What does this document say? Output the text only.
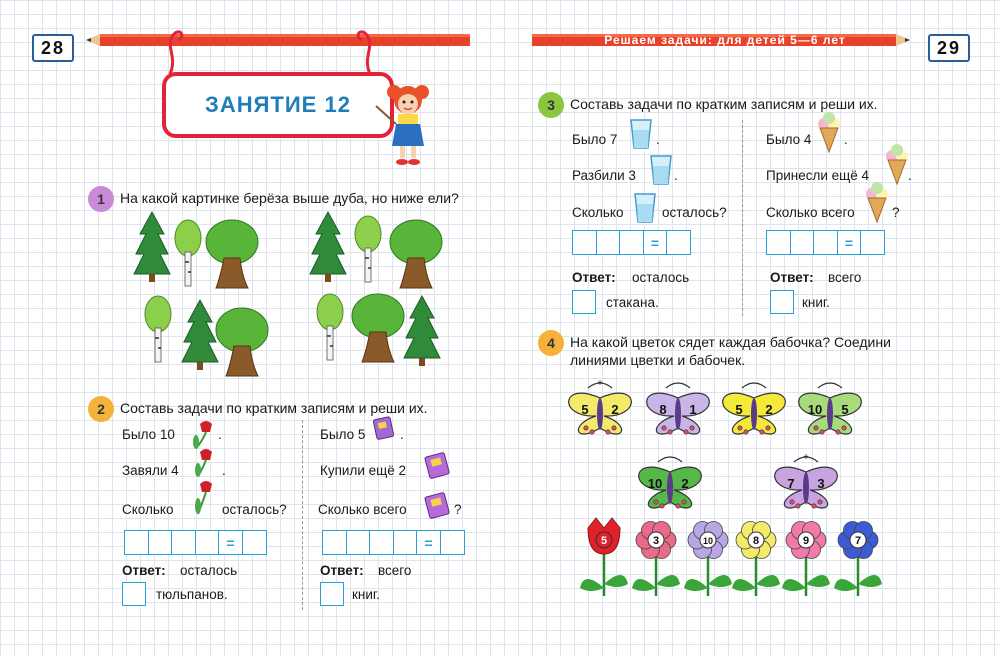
28	Решаем задачи: для детей 5—6 лет	29
ЗАНЯТИЕ 12
1	На какой картинке берёза выше дуба, но ниже ели?
2	Составь задачи по кратким записям и реши их.
Было 10	.
Завяли 4	.
Сколько	осталось?
=
Ответ: осталось
тюльпанов.
Было 5	.
Купили ещё 2
Сколько всего	?
=
Ответ: всего
книг.
3	Составь задачи по кратким записям и реши их.
Было 7	.
Разбили 3	.
Сколько	осталось?
=
Ответ: осталось
стакана.
Было 4 .
Принесли ещё 4	.
Сколько всего	?
=
Ответ: всего
книг.
4	На какой цветок сядет каждая бабочка? Соедини линиями цветки и бабочек.
+
5 2
—
8 1
—
5 2
—
10 5
—
10 2
+
7 3
5	3	10	8	9	7
